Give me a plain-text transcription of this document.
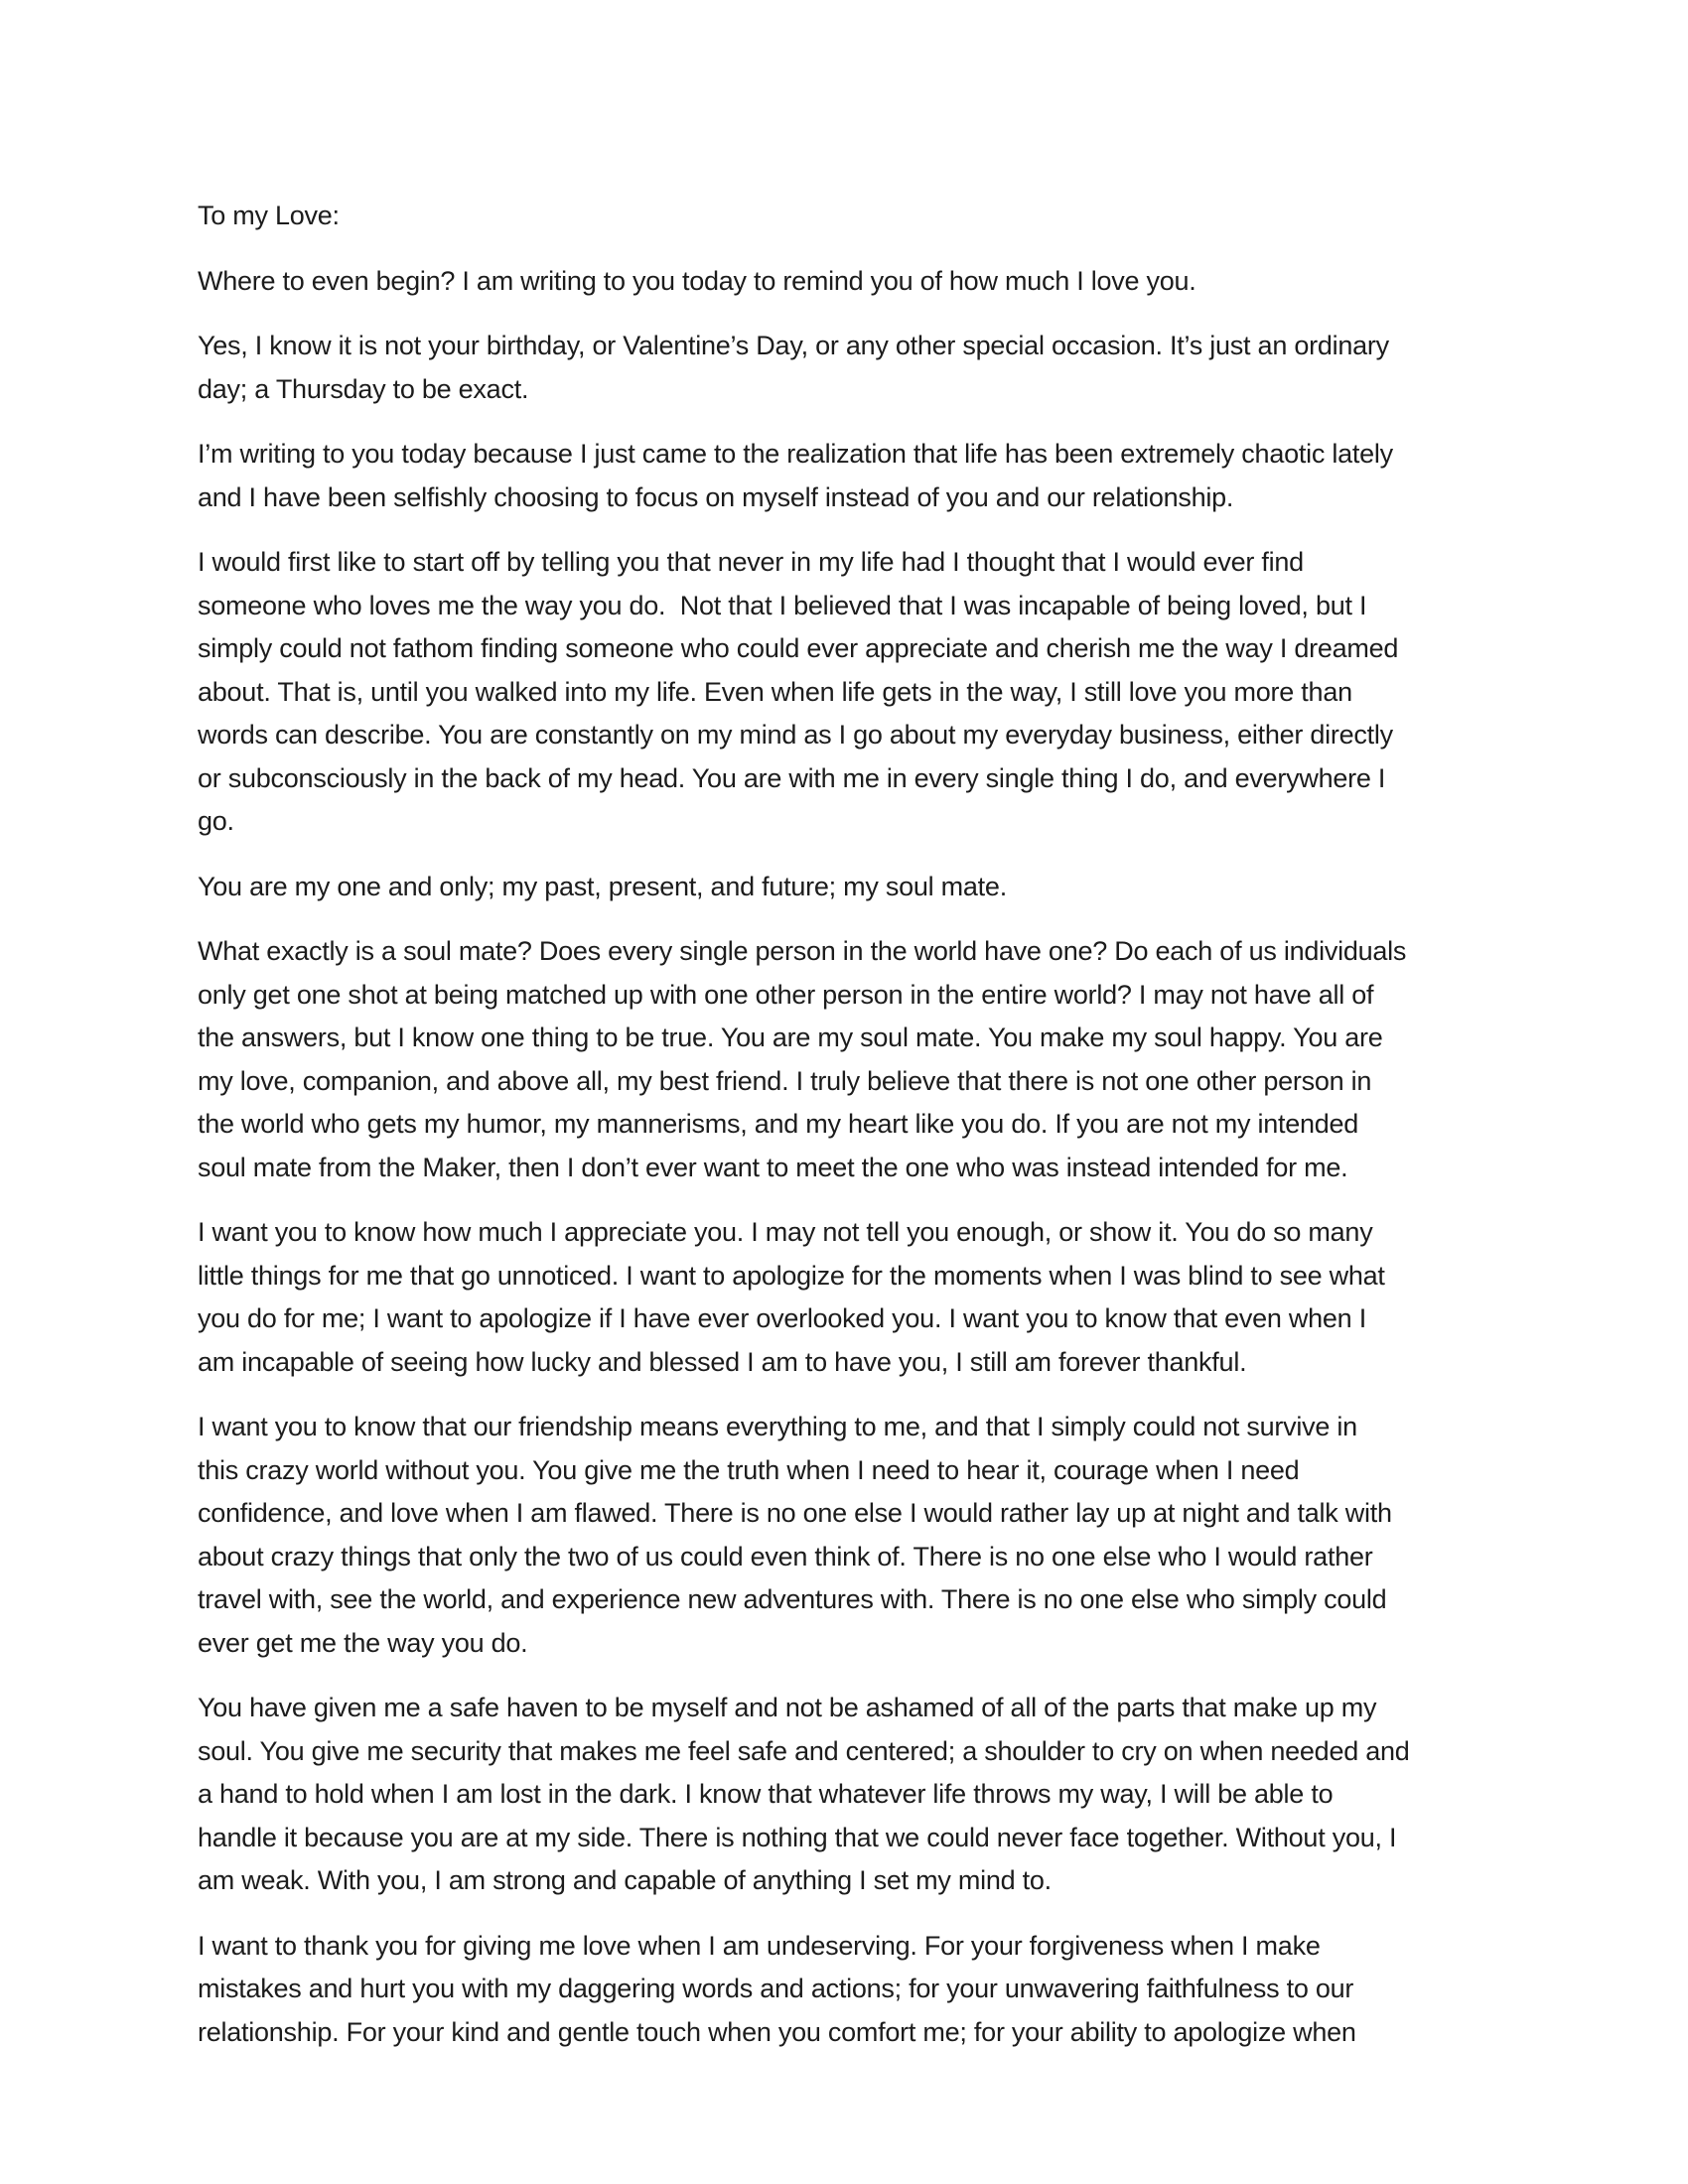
To my Love:

Where to even begin? I am writing to you today to remind you of how much I love you.

Yes, I know it is not your birthday, or Valentine’s Day, or any other special occasion. It’s just an ordinary
day; a Thursday to be exact.

I’m writing to you today because I just came to the realization that life has been extremely chaotic lately
and I have been selfishly choosing to focus on myself instead of you and our relationship.

I would first like to start off by telling you that never in my life had I thought that I would ever find
someone who loves me the way you do.  Not that I believed that I was incapable of being loved, but I
simply could not fathom finding someone who could ever appreciate and cherish me the way I dreamed
about. That is, until you walked into my life. Even when life gets in the way, I still love you more than
words can describe. You are constantly on my mind as I go about my everyday business, either directly
or subconsciously in the back of my head. You are with me in every single thing I do, and everywhere I
go.

You are my one and only; my past, present, and future; my soul mate.

What exactly is a soul mate? Does every single person in the world have one? Do each of us individuals
only get one shot at being matched up with one other person in the entire world? I may not have all of
the answers, but I know one thing to be true. You are my soul mate. You make my soul happy. You are
my love, companion, and above all, my best friend. I truly believe that there is not one other person in
the world who gets my humor, my mannerisms, and my heart like you do. If you are not my intended
soul mate from the Maker, then I don’t ever want to meet the one who was instead intended for me.

I want you to know how much I appreciate you. I may not tell you enough, or show it. You do so many
little things for me that go unnoticed. I want to apologize for the moments when I was blind to see what
you do for me; I want to apologize if I have ever overlooked you. I want you to know that even when I
am incapable of seeing how lucky and blessed I am to have you, I still am forever thankful.

I want you to know that our friendship means everything to me, and that I simply could not survive in
this crazy world without you. You give me the truth when I need to hear it, courage when I need
confidence, and love when I am flawed. There is no one else I would rather lay up at night and talk with
about crazy things that only the two of us could even think of. There is no one else who I would rather
travel with, see the world, and experience new adventures with. There is no one else who simply could
ever get me the way you do.

You have given me a safe haven to be myself and not be ashamed of all of the parts that make up my
soul. You give me security that makes me feel safe and centered; a shoulder to cry on when needed and
a hand to hold when I am lost in the dark. I know that whatever life throws my way, I will be able to
handle it because you are at my side. There is nothing that we could never face together. Without you, I
am weak. With you, I am strong and capable of anything I set my mind to.

I want to thank you for giving me love when I am undeserving. For your forgiveness when I make
mistakes and hurt you with my daggering words and actions; for your unwavering faithfulness to our
relationship. For your kind and gentle touch when you comfort me; for your ability to apologize when
